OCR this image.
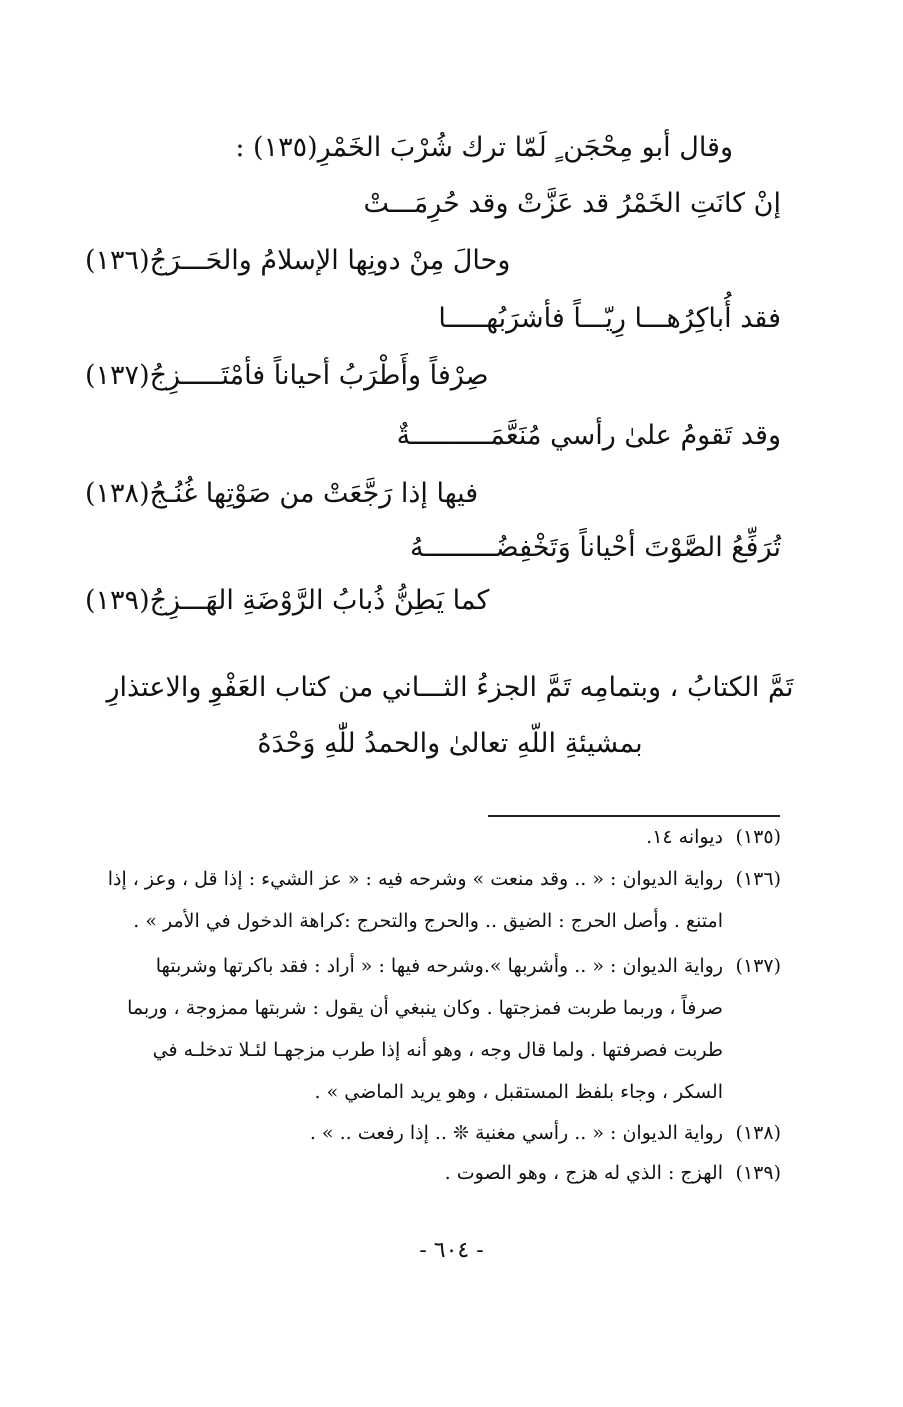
وقال أبو مِحْجَن ٍ لَمّا ترك شُرْبَ الخَمْرِ(١٣٥) :
إنْ كانَتِ الخَمْرُ قد عَزَّتْ وقد حُرِمَـــتْ
وحالَ مِنْ دونِها الإسلامُ والحَـــرَجُ(١٣٦)
فقد أُباكِرُهـــا رِيّـــاً فأشرَبُهـــــا
صِرْفاً وأَطْرَبُ أحياناً فأمْتَـــــزِجُ(١٣٧)
وقد تَقومُ علىٰ رأسي مُنَعَّمَــــــــــةٌ
فيها إذا رَجَّعَتْ من صَوْتِها غُنُـجُ(١٣٨)
تُرَفِّعُ الصَّوْتَ أحْياناً وَتَخْفِضُـــــــــهُ
كما يَطِنُّ ذُبابُ الرَّوْضَةِ الهَـــزِجُ(١٣٩)
تَمَّ الكتابُ ، وبتمامِه تَمَّ الجزءُ الثـــاني من كتاب العَفْوِ والاعتذارِ
بمشيئةِ اللّهِ تعالىٰ والحمدُ للّٰهِ وَحْدَهُ
(١٣٥)
ديوانه ١٤.
(١٣٦)
رواية الديوان : « .. وقد منعت » وشرحه فيه : « عز الشيء : إذا قل ، وعز ، إذا
امتنع . وأصل الحرج : الضيق .. والحرج والتحرج :كراهة الدخول في الأمر » .
(١٣٧)
رواية الديوان : « .. وأشربها ».وشرحه فيها : « أراد : فقد باكرتها وشربتها
صرفاً ، وربما طربت فمزجتها . وكان ينبغي أن يقول : شربتها ممزوجة ، وربما
طربت فصرفتها . ولما قال وجه ، وهو أنه إذا طرب مزجهـا لئـلا تدخلـه في
السكر ، وجاء بلفظ المستقبل ، وهو يريد الماضي » .
(١٣٨)
رواية الديوان : « .. رأسي مغنية ❊ .. إذا رفعت .. » .
(١٣٩)
الهزج : الذي له هزج ، وهو الصوت .
- ٦٠٤ -
